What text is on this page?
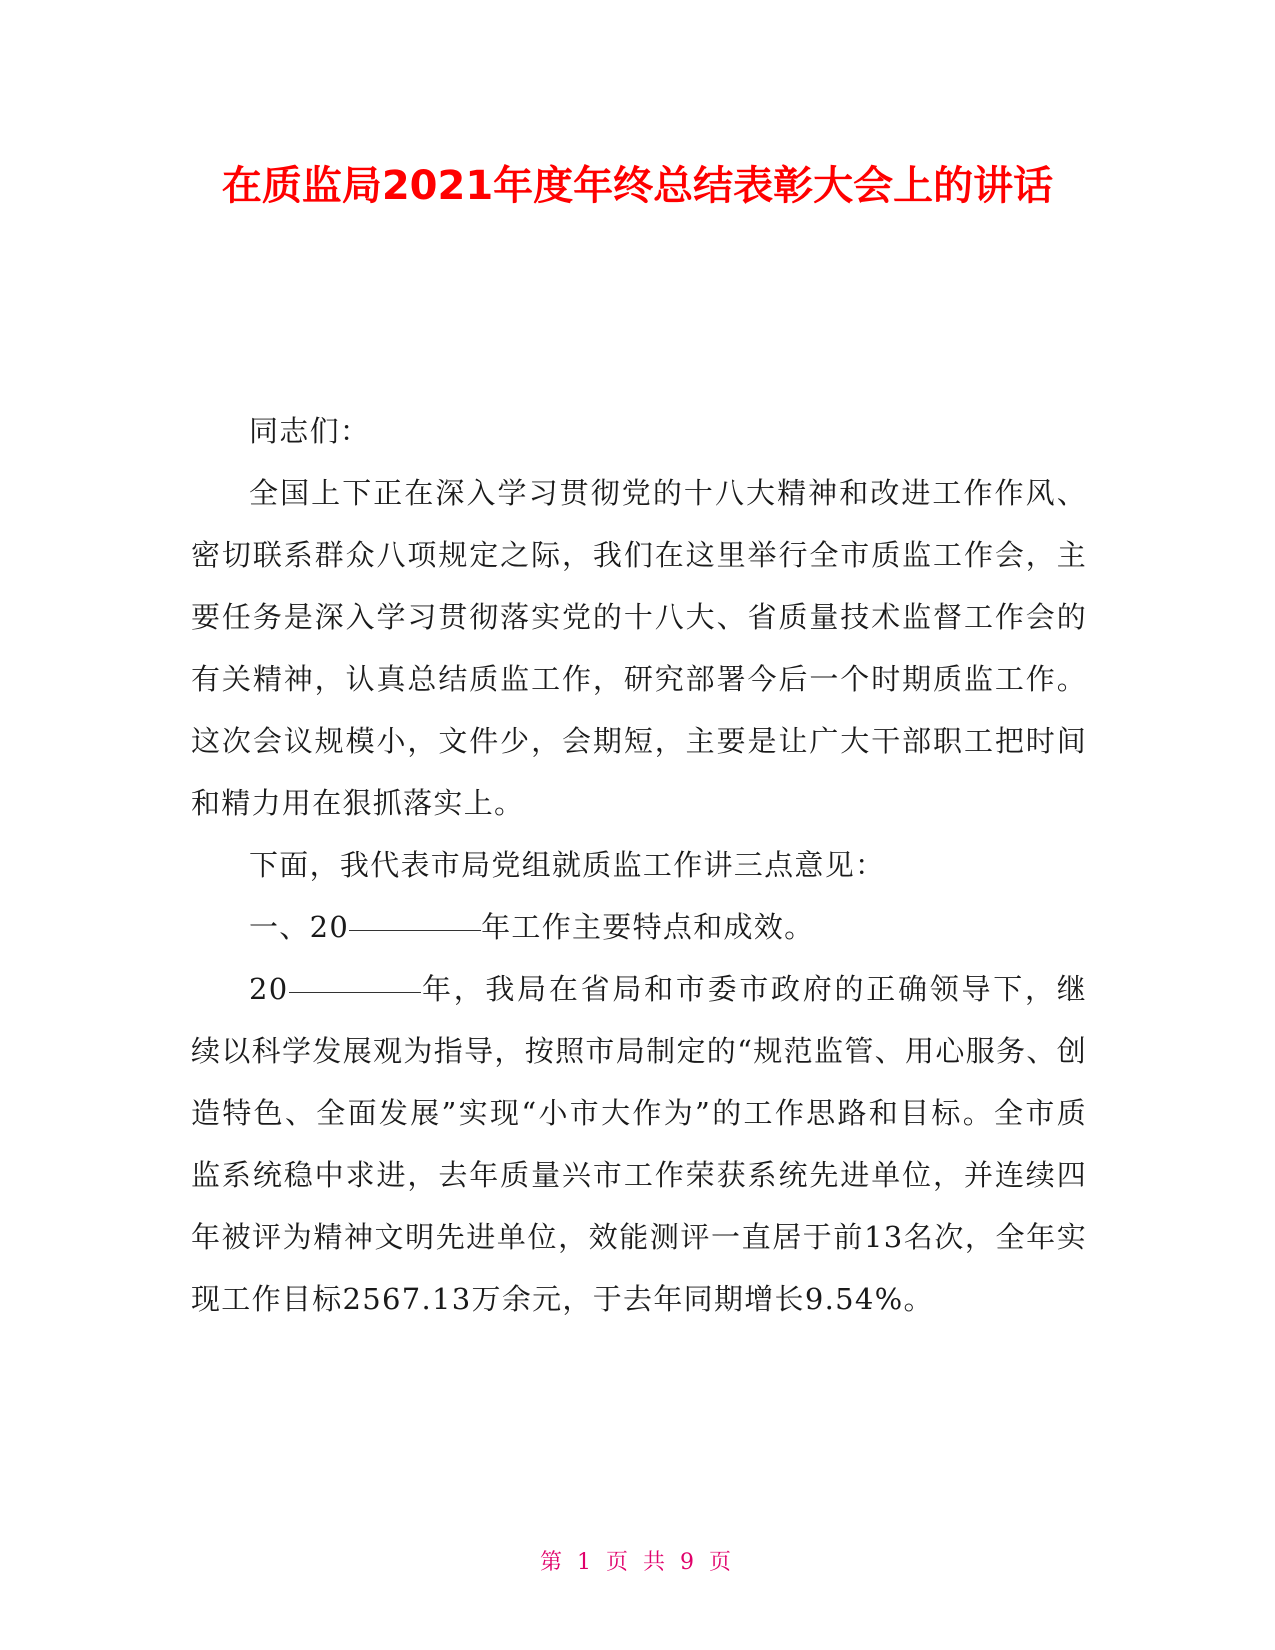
在质监局2021年度年终总结表彰大会上的讲话

同志们：

全国上下正在深入学习贯彻党的十八大精神和改进工作作风、密切联系群众八项规定之际，我们在这里举行全市质监工作会，主要任务是深入学习贯彻落实党的十八大、省质量技术监督工作会的有关精神，认真总结质监工作，研究部署今后一个时期质监工作。这次会议规模小，文件少，会期短，主要是让广大干部职工把时间和精力用在狠抓落实上。

下面，我代表市局党组就质监工作讲三点意见：

一、20	年工作主要特点和成效。

20	年，我局在省局和市委市政府的正确领导下，继续以科学发展观为指导，按照市局制定的“规范监管、用心服务、创造特色、全面发展”实现“小市大作为”的工作思路和目标。全市质监系统稳中求进，去年质量兴市工作荣获系统先进单位，并连续四年被评为精神文明先进单位，效能测评一直居于前13名次，全年实现工作目标2567.13万余元，于去年同期增长9.54%。

第 1 页 共 9 页
